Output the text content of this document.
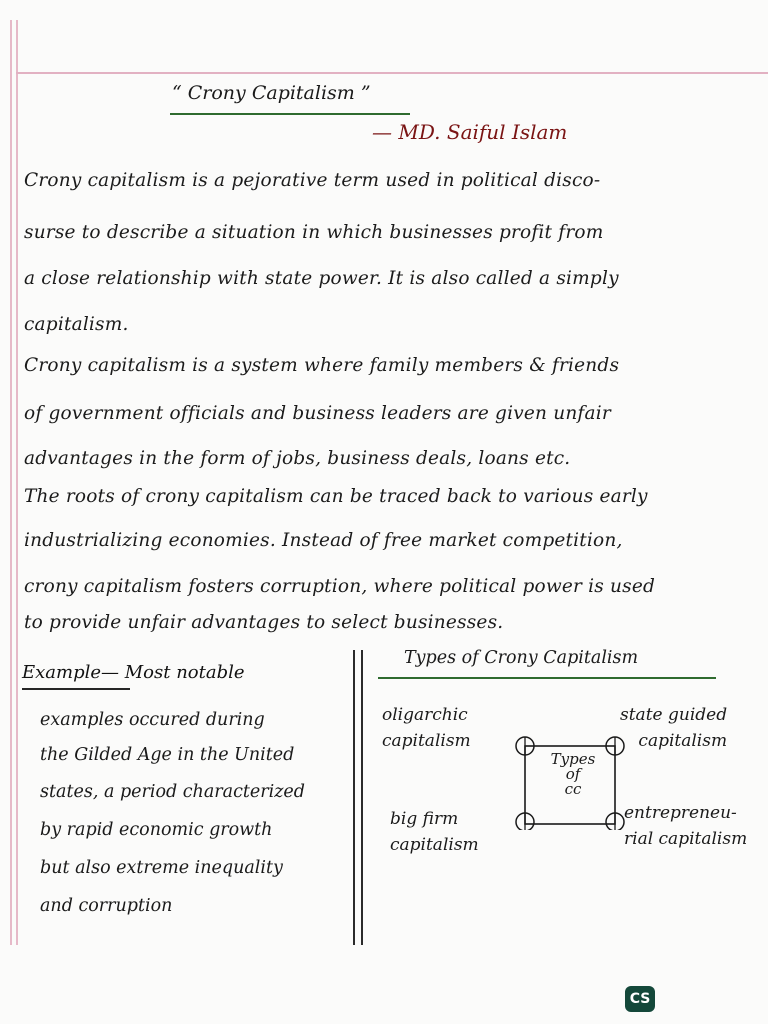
“ Crony Capitalism ”
— MD. Saiful Islam
Crony capitalism is a pejorative term used in political disco-
surse to describe a situation in which businesses profit from
a close relationship with state power. It is also called a simply
capitalism.
Crony capitalism is a system where family members & friends
of government officials and business leaders are given unfair
advantages in the form of jobs, business deals, loans etc.
The roots of crony capitalism can be traced back to various early
industrializing economies. Instead of free market competition,
crony capitalism fosters corruption, where political power is used
to provide unfair advantages to select businesses.
Example— Most notable
examples occured during
the Gilded Age in the United
states, a period characterized
by rapid economic growth
but also extreme inequality
and corruption
Types of Crony Capitalism
oligarchic
capitalism
state guided
capitalism
big firm
capitalism
entrepreneu-
rial capitalism
Types
of
cc
CS
